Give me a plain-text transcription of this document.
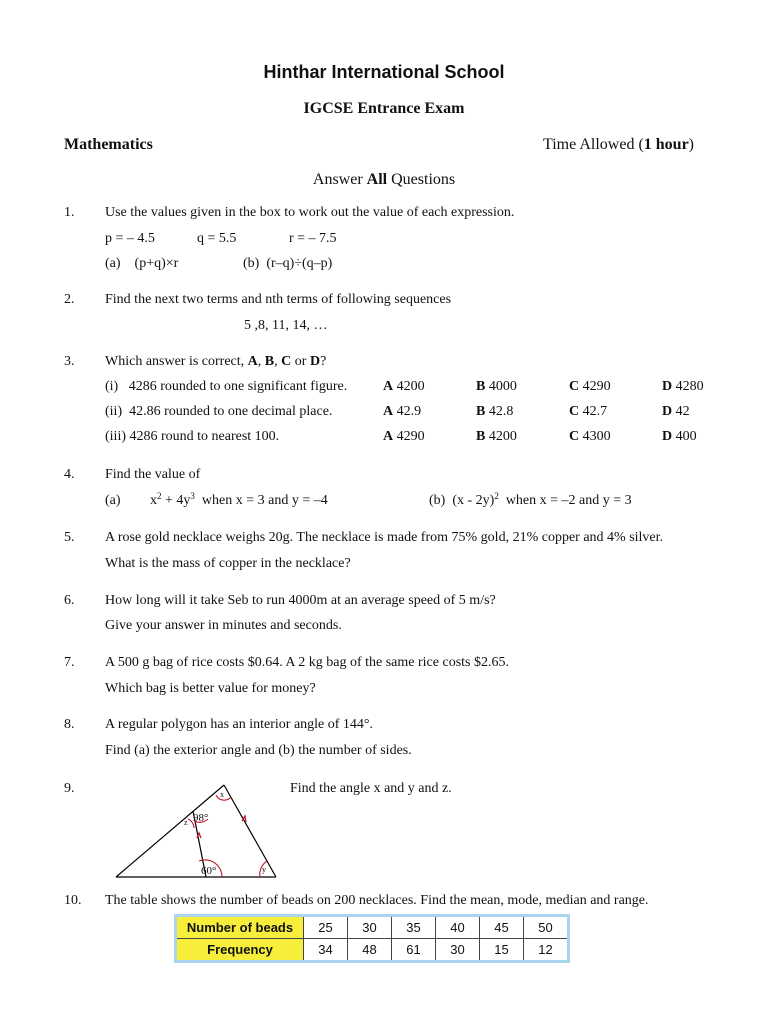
Hinthar International School
IGCSE Entrance Exam
Mathematics	Time Allowed (1 hour)
Answer All Questions
1. Use the values given in the box to work out the value of each expression.
p = – 4.5	q = 5.5	r = – 7.5
(a)    (p+q)×r	(b)  (r–q)÷(q–p)
2. Find the next two terms and nth terms of following sequences
5 ,8, 11, 14, …
3. Which answer is correct, A, B, C or D?
(i)   4286 rounded to one significant figure.	A 4200	B 4000	C 4290	D 4280
(ii)  42.86 rounded to one decimal place.	A 42.9	B 42.8	C 42.7	D 42
(iii) 4286 round to nearest 100.	A 4290	B 4200	C 4300	D 400
4. Find the value of
(a) $x^2 + 4y^3$  when x = 3 and y = –4	(b)  (x - 2y)$^2$  when x = –2 and y = 3
5. A rose gold necklace weighs 20g. The necklace is made from 75% gold, 21% copper and 4% silver.
What is the mass of copper in the necklace?
6. How long will it take Seb to run 4000m at an average speed of 5 m/s?
Give your answer in minutes and seconds.
7. A 500 g bag of rice costs $0.64. A 2 kg bag of the same rice costs $2.65.
Which bag is better value for money?
8. A regular polygon has an interior angle of 144°.
Find (a) the exterior angle and (b) the number of sides.
9.	Find the angle x and y and z.
98°
60°
x
y
z
10. The table shows the number of beads on 200 necklaces. Find the mean, mode, median and range.
Number of beads	25	30	35	40	45	50
Frequency	34	48	61	30	15	12
